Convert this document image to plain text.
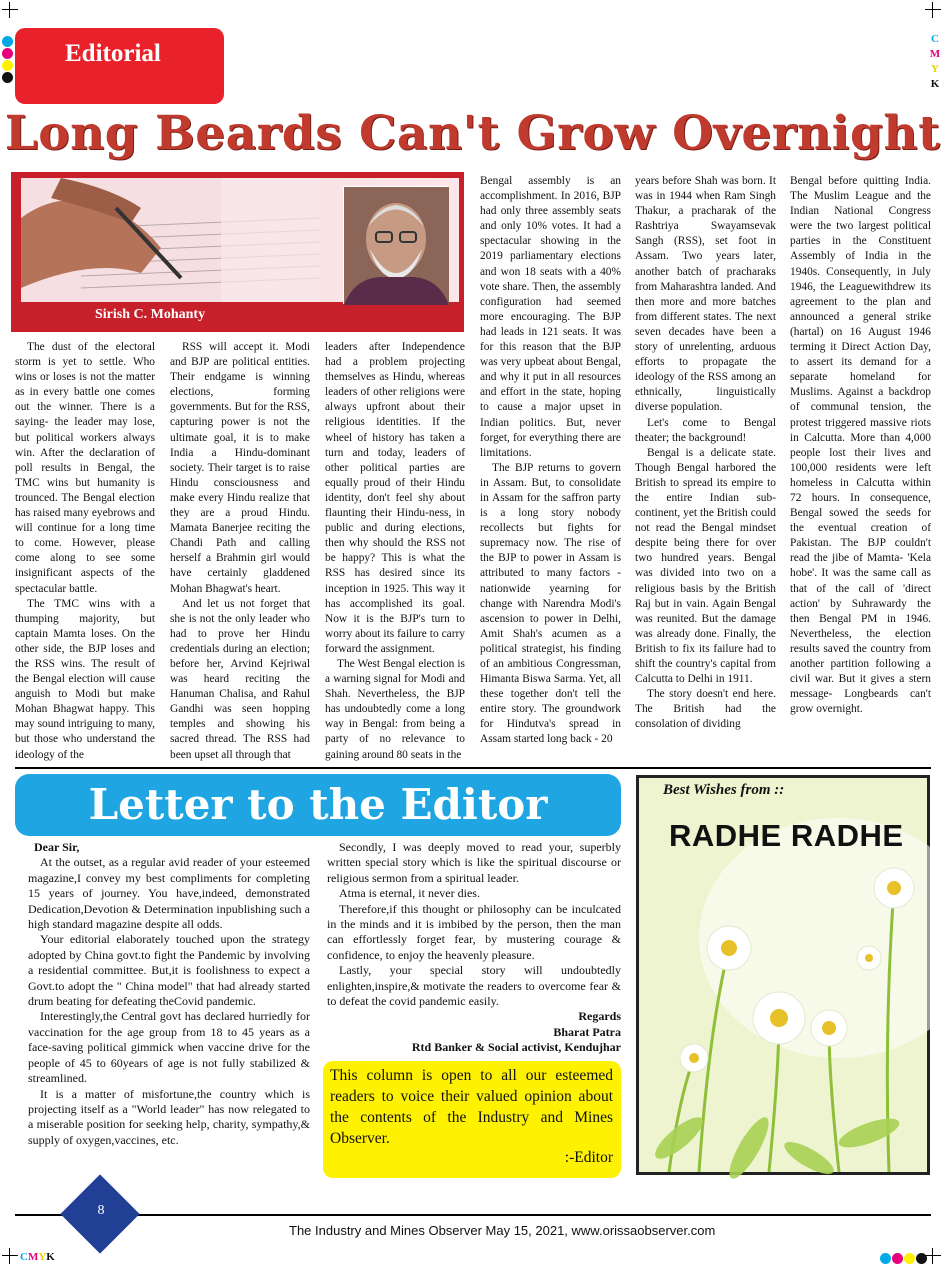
C
M
Y
K
CMYK
Editorial
Long Beards Can't Grow Overnight
Sirish C. Mohanty

The dust of the electoral storm is yet to settle. Who wins or loses is not the matter as in every battle one comes out the winner. There is a saying- the leader may lose, but political workers always win. After the declaration of poll results in Bengal, the TMC wins but humanity is trounced. The Bengal election has raised many eyebrows and will continue for a long time to come. However, please come along to see some insignificant aspects of the spectacular battle.

The TMC wins with a thumping majority, but captain Mamta loses. On the other side, the BJP loses and the RSS wins. The result of the Bengal election will cause anguish to Modi but make Mohan Bhagwat happy. This may sound intriguing to many, but those who understand the ideology of the

RSS will accept it. Modi and BJP are political entities. Their endgame is winning elections, forming governments. But for the RSS, capturing power is not the ultimate goal, it is to make India a Hindu-dominant society. Their target is to raise Hindu consciousness and make every Hindu realize that they are a proud Hindu. Mamata Banerjee reciting the Chandi Path and calling herself a Brahmin girl would have certainly gladdened Mohan Bhagwat's heart.

And let us not forget that she is not the only leader who had to prove her Hindu credentials during an election; before her, Arvind Kejriwal was heard reciting the Hanuman Chalisa, and Rahul Gandhi was seen hopping temples and showing his sacred thread. The RSS had been upset all through that

leaders after Independence had a problem projecting themselves as Hindu, whereas leaders of other religions were always upfront about their religious identities. If the wheel of history has taken a turn and today, leaders of other political parties are equally proud of their Hindu identity, don't feel shy about flaunting their Hindu-ness, in public and during elections, then why should the RSS not be happy? This is what the RSS has desired since its inception in 1925. This way it has accomplished its goal. Now it is the BJP's turn to worry about its failure to carry forward the assignment.

The West Bengal election is a warning signal for Modi and Shah. Nevertheless, the BJP has undoubtedly come a long way in Bengal: from being a party of no relevance to gaining around 80 seats in the

Bengal assembly is an accomplishment. In 2016, BJP had only three assembly seats and only 10% votes. It had a spectacular showing in the 2019 parliamentary elections and won 18 seats with a 40% vote share. Then, the assembly configuration had seemed more encouraging. The BJP had leads in 121 seats. It was for this reason that the BJP was very upbeat about Bengal, and why it put in all resources and effort in the state, hoping to cause a major upset in Indian politics. But, never forget, for everything there are limitations.

The BJP returns to govern in Assam. But, to consolidate in Assam for the saffron party is a long story nobody recollects but fights for supremacy now. The rise of the BJP to power in Assam is attributed to many factors - nationwide yearning for change with Narendra Modi's ascension to power in Delhi, Amit Shah's acumen as a political strategist, his finding of an ambitious Congressman, Himanta Biswa Sarma. Yet, all these together don't tell the entire story. The groundwork for Hindutva's spread in Assam started long back - 20

years before Shah was born. It was in 1944 when Ram Singh Thakur, a pracharak of the Rashtriya Swayamsevak Sangh (RSS), set foot in Assam. Two years later, another batch of pracharaks from Maharashtra landed. And then more and more batches from different states. The next seven decades have been a story of unrelenting, arduous efforts to propagate the ideology of the RSS among an ethnically, linguistically diverse population.

Let's come to Bengal theater; the background!

Bengal is a delicate state. Though Bengal harbored the British to spread its empire to the entire Indian sub-continent, yet the British could not read the Bengal mindset despite being there for over two hundred years. Bengal was divided into two on a religious basis by the British Raj but in vain. Again Bengal was reunited. But the damage was already done. Finally, the British to fix its failure had to shift the country's capital from Calcutta to Delhi in 1911.

The story doesn't end here. The British had the consolation of dividing

Bengal before quitting India. The Muslim League and the Indian National Congress were the two largest political parties in the Constituent Assembly of India in the 1940s. Consequently, in July 1946, the Leaguewithdrew its agreement to the plan and announced a general strike (hartal) on 16 August 1946 terming it Direct Action Day, to assert its demand for a separate homeland for Muslims. Against a backdrop of communal tension, the protest triggered massive riots in Calcutta. More than 4,000 people lost their lives and 100,000 residents were left homeless in Calcutta within 72 hours. In consequence, Bengal sowed the seeds for the eventual creation of Pakistan. The BJP couldn't read the jibe of Mamta- 'Kela hobe'. It was the same call as that of the call of 'direct action' by Suhrawardy the then Bengal PM in 1946. Nevertheless, the election results saved the country from another partition following a civil war. But it gives a stern message- Longbeards can't grow overnight.

Letter to the Editor

Dear Sir,

At the outset, as a regular avid reader of your esteemed magazine,I convey my best compliments for completing 15 years of journey. You have,indeed, demonstrated Dedication,Devotion & Determination inpublishing such a high standard magazine despite all odds.

Your editorial elaborately touched upon the strategy adopted by China govt.to fight the Pandemic by involving a residential committee. But,it is foolishness to expect a Govt.to adopt the " China model" that had already started drum beating for defeating theCovid pandemic.

Interestingly,the Central govt has declared hurriedly for vaccination for the age group from 18 to 45 years as a face-saving political gimmick when vaccine drive for the people of 45 to 60years of age is not fully stabilized & streamlined.

It is a matter of misfortune,the country which is projecting itself as a "World leader" has now relegated to a miserable position for seeking help, charity, sympathy,& supply of oxygen,vaccines, etc.

Secondly, I was deeply moved to read your, superbly written special story which is like the spiritual discourse or religious sermon from a spiritual leader.

Atma is eternal, it never dies.

Therefore,if this thought or philosophy can be inculcated in the minds and it is imbibed by the person, then the man can effortlessly forget fear, by mustering courage & confidence, to enjoy the heavenly pleasure.

Lastly, your special story will undoubtedly enlighten,inspire,& motivate the readers to overcome fear & to defeat the covid pandemic easily.

Regards
Bharat Patra
Rtd Banker & Social activist, Kendujhar

This column is open to all our esteemed readers to voice their valued opinion about the contents of the Industry and Mines Observer.

:-Editor
Best Wishes from ::
RADHE RADHE
8
The Industry and Mines Observer May 15, 2021, www.orissaobserver.com
